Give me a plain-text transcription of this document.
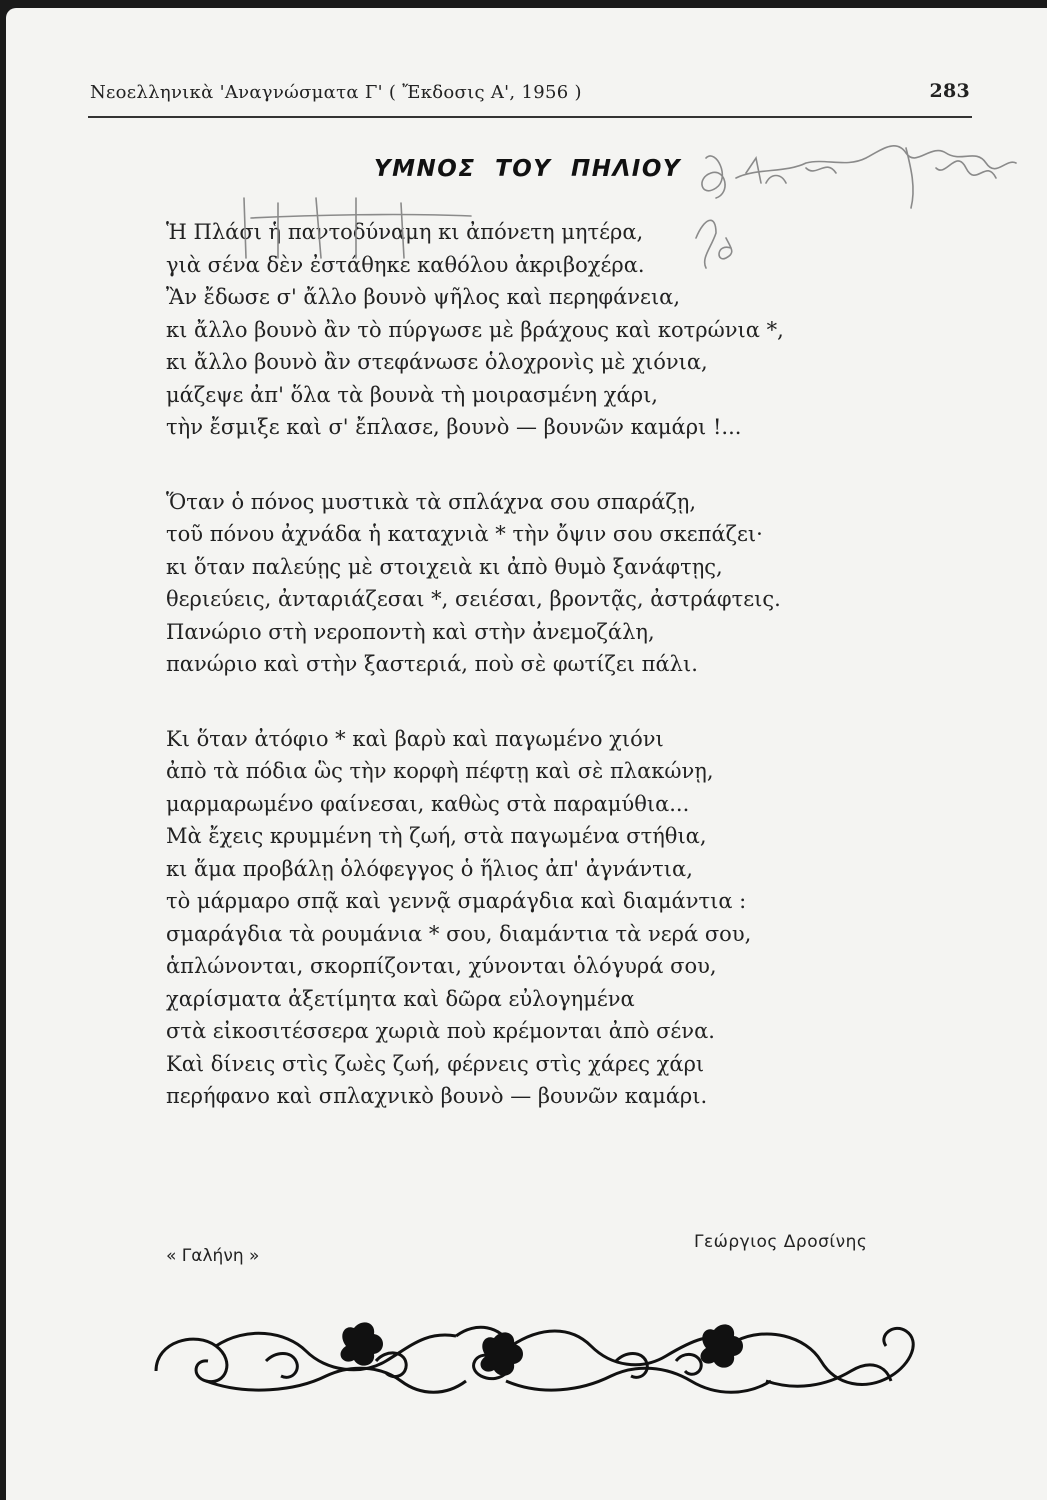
Νεοελληνικὰ 'Αναγνώσματα Γ' ( Ἔκδοσις Α', 1956 )	283
ΥΜΝΟΣ ΤΟΥ ΠΗΛΙΟΥ
Ἡ Πλάσι ἡ παντοδύναμη κι ἀπόνετη μητέρα,
γιὰ σένα δὲν ἐστάθηκε καθόλου ἀκριβοχέρα.
Ἂν ἔδωσε σ' ἄλλο βουνὸ ψῆλος καὶ περηφάνεια,
κι ἄλλο βουνὸ ἂν τὸ πύργωσε μὲ βράχους καὶ κοτρώνια *,
κι ἄλλο βουνὸ ἂν στεφάνωσε ὁλοχρονὶς μὲ χιόνια,
μάζεψε ἀπ' ὅλα τὰ βουνὰ τὴ μοιρασμένη χάρι,
τὴν ἔσμιξε καὶ σ' ἔπλασε, βουνὸ — βουνῶν καμάρι !...
Ὅταν ὁ πόνος μυστικὰ τὰ σπλάχνα σου σπαράζῃ,
τοῦ πόνου ἀχνάδα ἡ καταχνιὰ * τὴν ὄψιν σου σκεπάζει·
κι ὅταν παλεύῃς μὲ στοιχειὰ κι ἀπὸ θυμὸ ξανάφτῃς,
θεριεύεις, ἀνταριάζεσαι *, σειέσαι, βροντᾷς, ἀστράφτεις.
Πανώριο στὴ νεροποντὴ καὶ στὴν ἀνεμοζάλη,
πανώριο καὶ στὴν ξαστεριά, ποὺ σὲ φωτίζει πάλι.
Κι ὅταν ἀτόφιο * καὶ βαρὺ καὶ παγωμένο χιόνι
ἀπὸ τὰ πόδια ὣς τὴν κορφὴ πέφτῃ καὶ σὲ πλακώνῃ,
μαρμαρωμένο φαίνεσαι, καθὼς στὰ παραμύθια...
Μὰ ἔχεις κρυμμένη τὴ ζωή, στὰ παγωμένα στήθια,
κι ἅμα προβάλῃ ὁλόφεγγος ὁ ἥλιος ἀπ' ἀγνάντια,
τὸ μάρμαρο σπᾷ καὶ γεννᾷ σμαράγδια καὶ διαμάντια :
σμαράγδια τὰ ρουμάνια * σου, διαμάντια τὰ νερά σου,
ἁπλώνονται, σκορπίζονται, χύνονται ὁλόγυρά σου,
χαρίσματα ἀξετίμητα καὶ δῶρα εὐλογημένα
στὰ εἰκοσιτέσσερα χωριὰ ποὺ κρέμονται ἀπὸ σένα.
Καὶ δίνεις στὶς ζωὲς ζωή, φέρνεις στὶς χάρες χάρι
περήφανο καὶ σπλαχνικὸ βουνὸ — βουνῶν καμάρι.
« Γαλήνη »
Γεώργιος Δροσίνης
